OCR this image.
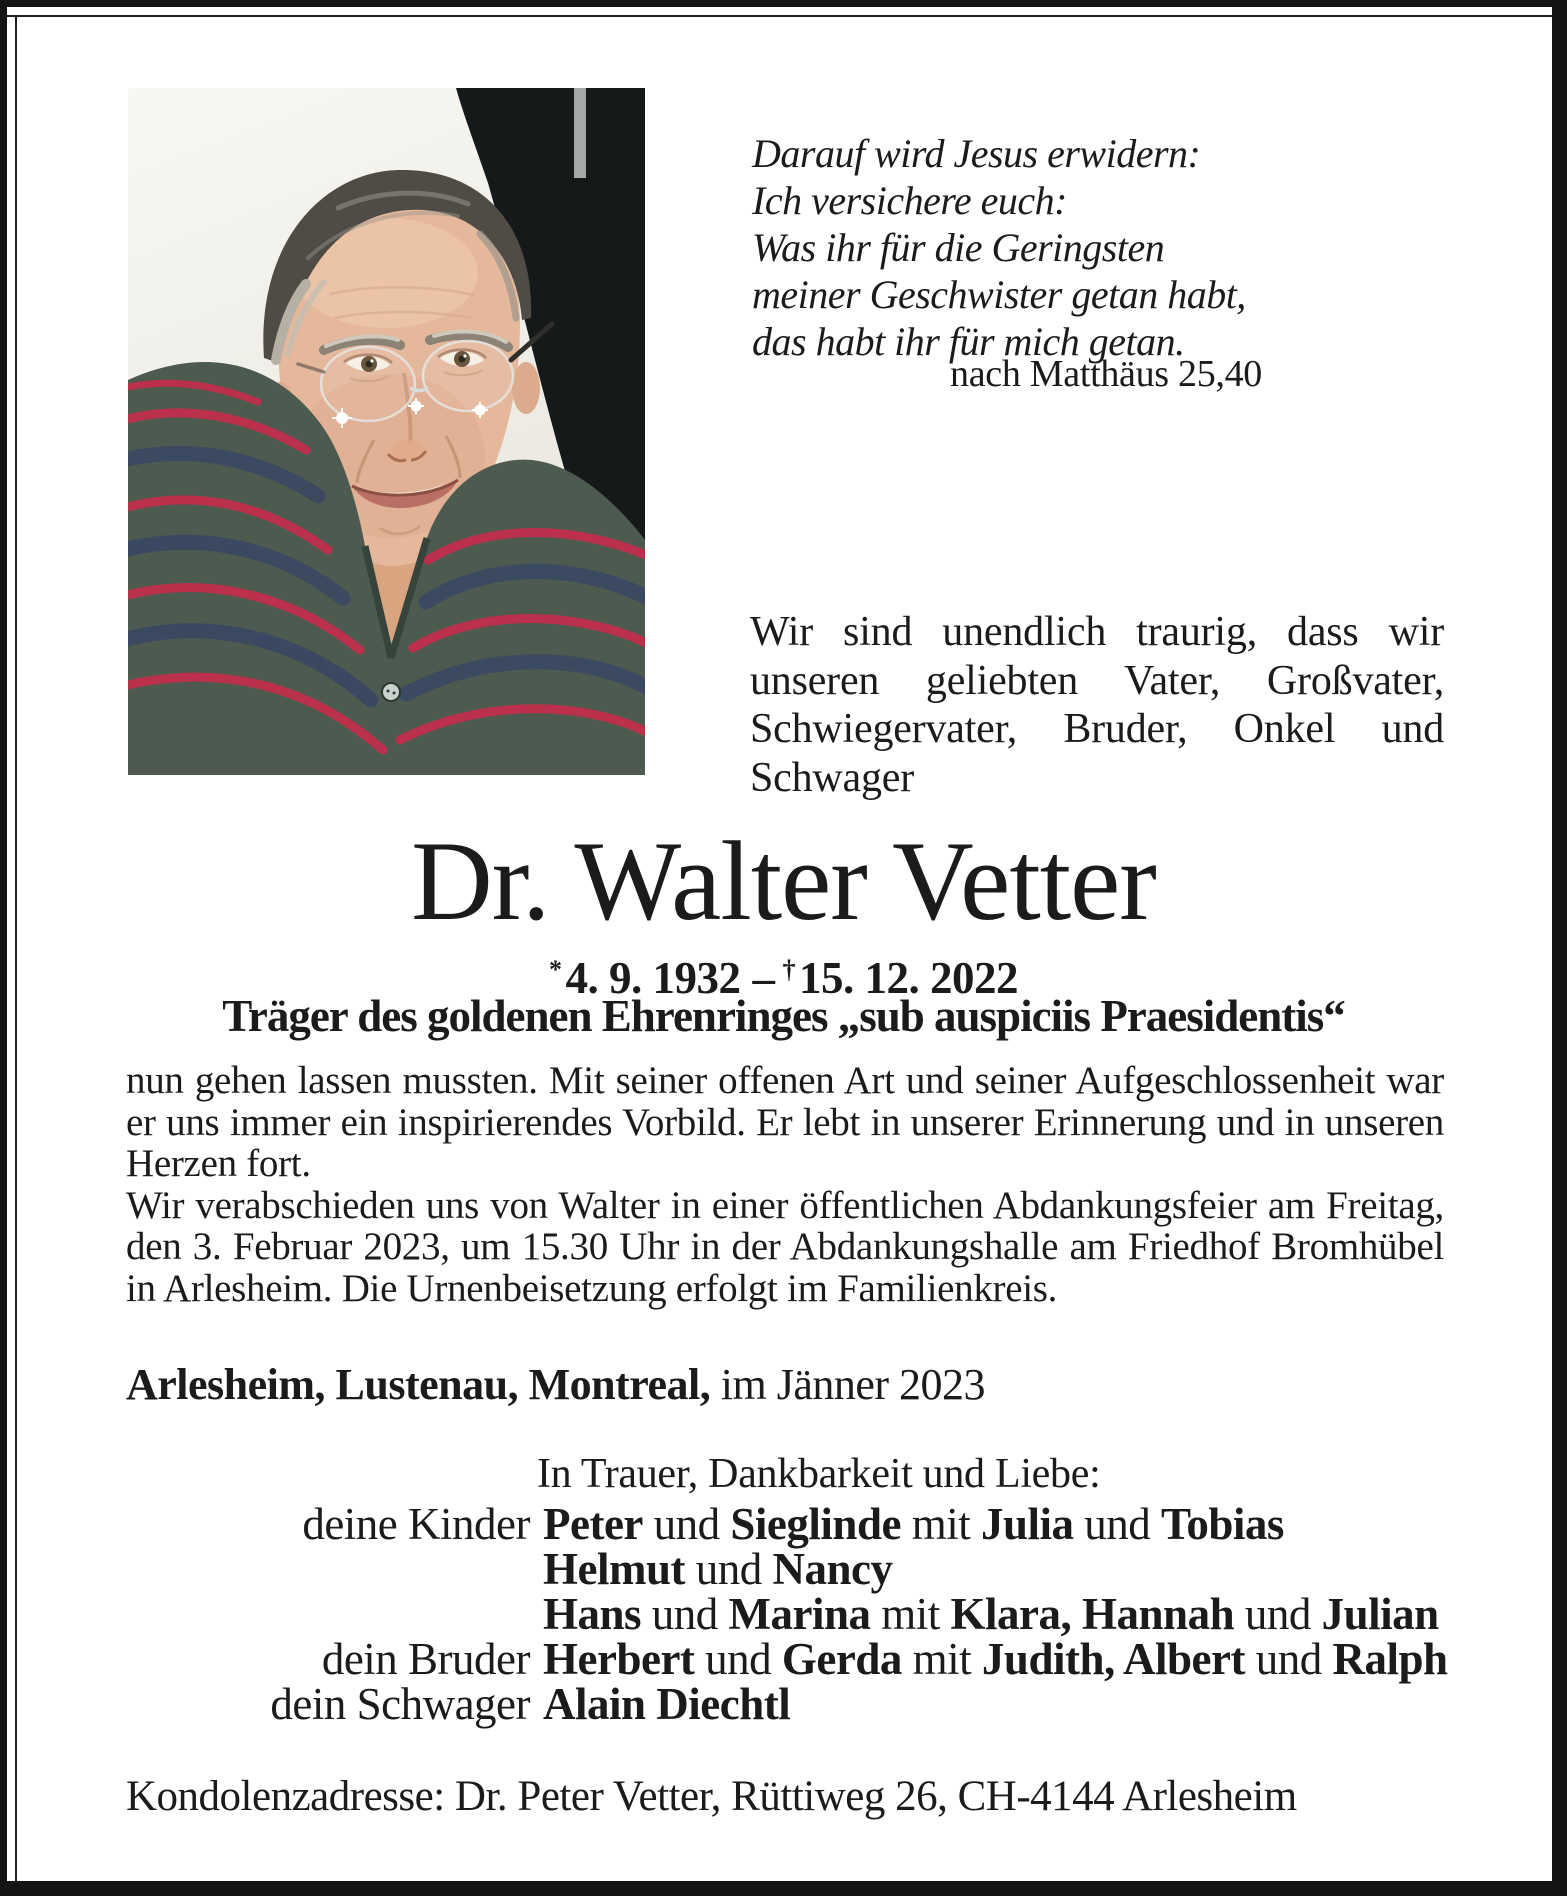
Darauf wird Jesus erwidern:
Ich versichere euch:
Was ihr für die Geringsten
meiner Geschwister getan habt,
das habt ihr für mich getan.
nach Matthäus 25,40

Wir sind unendlich traurig, dass wir unseren geliebten Vater, Großvater, Schwiegervater, Bruder, Onkel und Schwager

Dr. Walter Vetter
*4. 9. 1932 – †15. 12. 2022
Träger des goldenen Ehrenringes „sub auspiciis Praesidentis“

nun gehen lassen mussten. Mit seiner offenen Art und seiner Aufgeschlossenheit war er uns immer ein inspirierendes Vorbild. Er lebt in unserer Erinnerung und in unseren Herzen fort.

Wir verabschieden uns von Walter in einer öffentlichen Abdankungsfeier am Freitag, den 3. Februar 2023, um 15.30 Uhr in der Abdankungshalle am Friedhof Bromhübel in Arlesheim. Die Urnenbeisetzung erfolgt im Familienkreis.

Arlesheim, Lustenau, Montreal, im Jänner 2023
In Trauer, Dankbarkeit und Liebe:
deine Kinder Peter und Sieglinde mit Julia und Tobias
Helmut und Nancy
Hans und Marina mit Klara, Hannah und Julian
dein Bruder Herbert und Gerda mit Judith, Albert und Ralph
dein Schwager Alain Diechtl
Kondolenzadresse: Dr. Peter Vetter, Rüttiweg 26, CH-4144 Arlesheim
